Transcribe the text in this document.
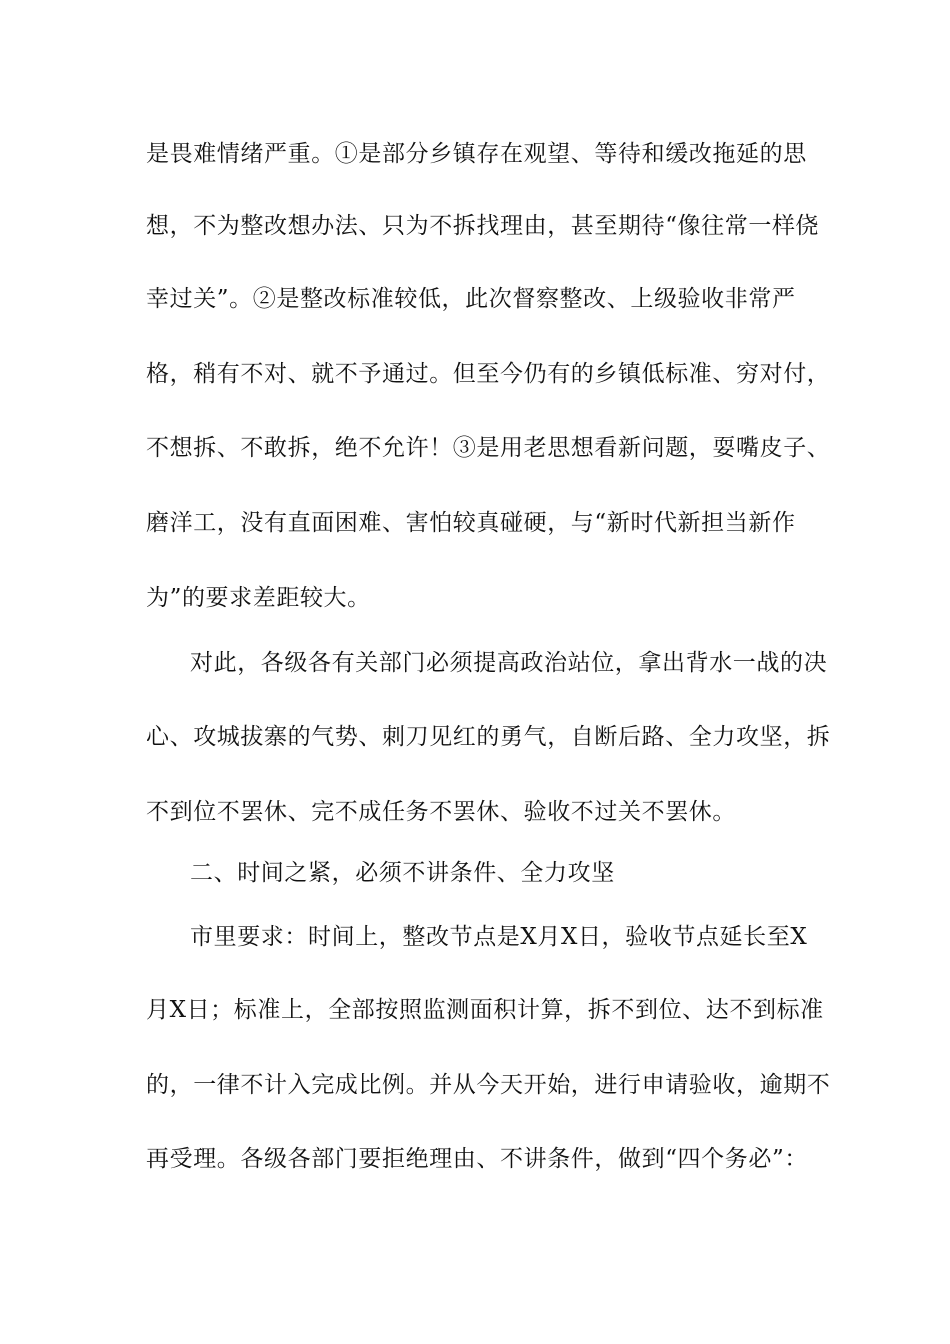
是畏难情绪严重。①是部分乡镇存在观望、等待和缓改拖延的思
想，不为整改想办法、只为不拆找理由，甚至期待“像往常一样侥
幸过关”。②是整改标准较低，此次督察整改、上级验收非常严
格，稍有不对、就不予通过。但至今仍有的乡镇低标准、穷对付，
不想拆、不敢拆，绝不允许！③是用老思想看新问题，耍嘴皮子、
磨洋工，没有直面困难、害怕较真碰硬，与“新时代新担当新作
为”的要求差距较大。
对此，各级各有关部门必须提高政治站位，拿出背水一战的决
心、攻城拔寨的气势、刺刀见红的勇气，自断后路、全力攻坚，拆
不到位不罢休、完不成任务不罢休、验收不过关不罢休。
二、时间之紧，必须不讲条件、全力攻坚
市里要求：时间上，整改节点是X月X日，验收节点延长至X
月X日；标准上，全部按照监测面积计算，拆不到位、达不到标准
的，一律不计入完成比例。并从今天开始，进行申请验收，逾期不
再受理。各级各部门要拒绝理由、不讲条件，做到“四个务必”：
